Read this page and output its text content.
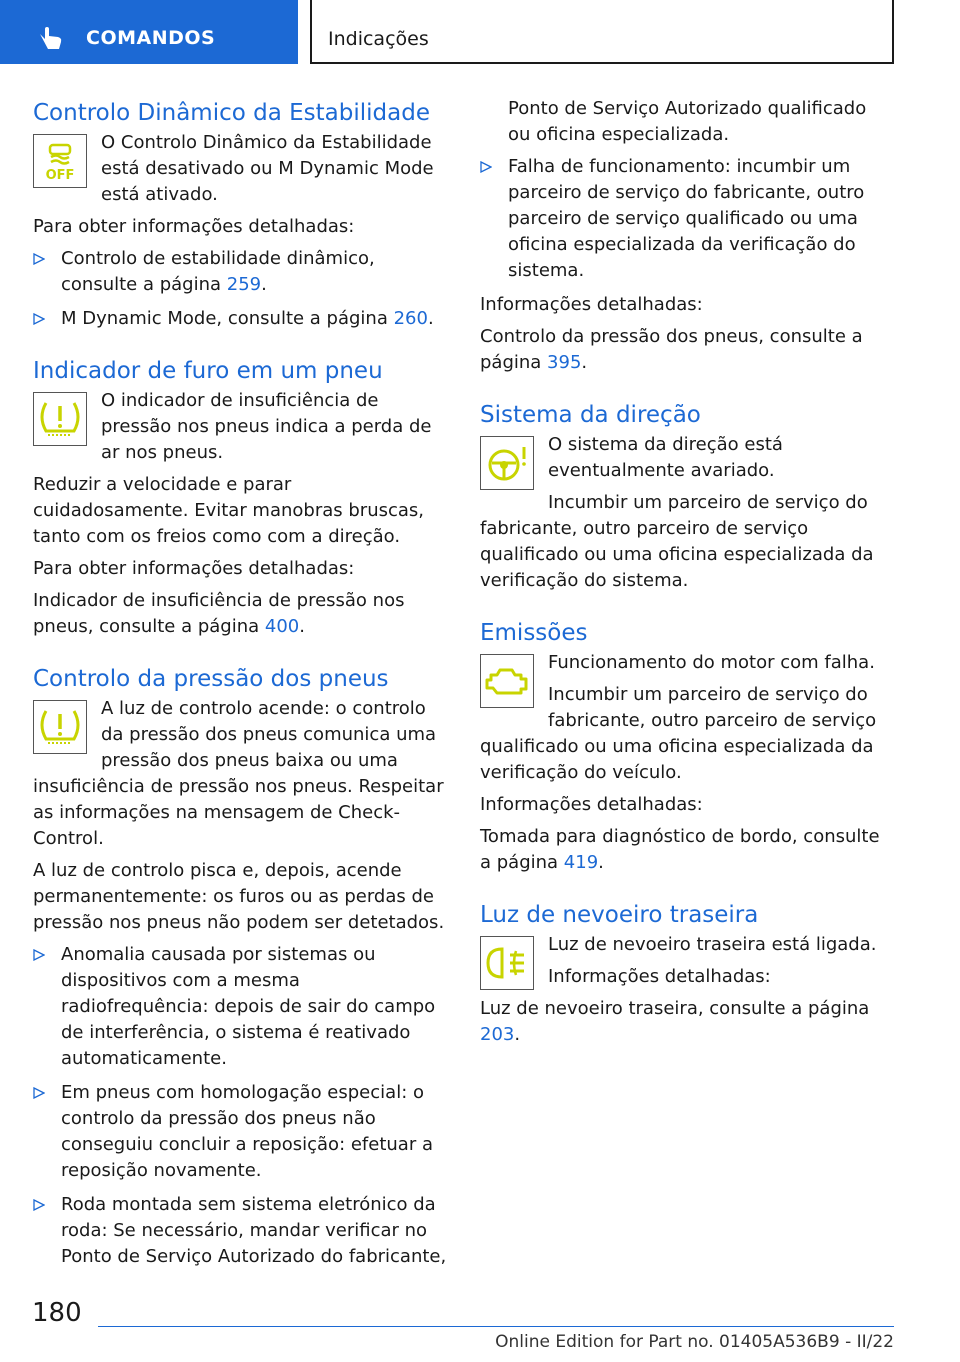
COMANDOS	Indicações
Controlo Dinâmico da Estabilidade
OFF

O Controlo Dinâmico da Estabilidade está desativado ou M Dynamic Mode está ativado.

Para obter informações detalhadas:

Controlo de estabilidade dinâmico, consulte a página 259.
M Dynamic Mode, consulte a página 260.
Indicador de furo em um pneu

O indicador de insuficiência de pressão nos pneus indica a perda de ar nos pneus.

Reduzir a velocidade e parar cuidadosamente. Evitar manobras bruscas, tanto com os freios como com a direção.

Para obter informações detalhadas:

Indicador de insuficiência de pressão nos pneus, consulte a página 400.

Controlo da pressão dos pneus

A luz de controlo acende: o controlo da pressão dos pneus comunica uma pressão dos pneus baixa ou uma insuficiência de pressão nos pneus. Respeitar as informações na mensagem de Check-Control.

A luz de controlo pisca e, depois, acende permanentemente: os furos ou as perdas de pressão nos pneus não podem ser detetados.

Anomalia causada por sistemas ou dispositivos com a mesma radiofrequência: depois de sair do campo de interferência, o sistema é reativado automaticamente.
Em pneus com homologação especial: o controlo da pressão dos pneus não conseguiu concluir a reposição: efetuar a reposição novamente.
Roda montada sem sistema eletrónico da roda: Se necessário, mandar verificar no Ponto de Serviço Autorizado do fabricante,

Ponto de Serviço Autorizado qualificado ou oficina especializada.

Falha de funcionamento: incumbir um parceiro de serviço do fabricante, outro parceiro de serviço qualificado ou uma oficina especializada da verificação do sistema.

Informações detalhadas:

Controlo da pressão dos pneus, consulte a página 395.

Sistema da direção

O sistema da direção está eventualmente avariado.

Incumbir um parceiro de serviço do fabricante, outro parceiro de serviço qualificado ou uma oficina especializada da verificação do sistema.

Emissões

Funcionamento do motor com falha.

Incumbir um parceiro de serviço do fabricante, outro parceiro de serviço qualificado ou uma oficina especializada da verificação do veículo.

Informações detalhadas:

Tomada para diagnóstico de bordo, consulte a página 419.

Luz de nevoeiro traseira

Luz de nevoeiro traseira está ligada.

Informações detalhadas:

Luz de nevoeiro traseira, consulte a página 203.

180
Online Edition for Part no. 01405A536B9 - II/22
